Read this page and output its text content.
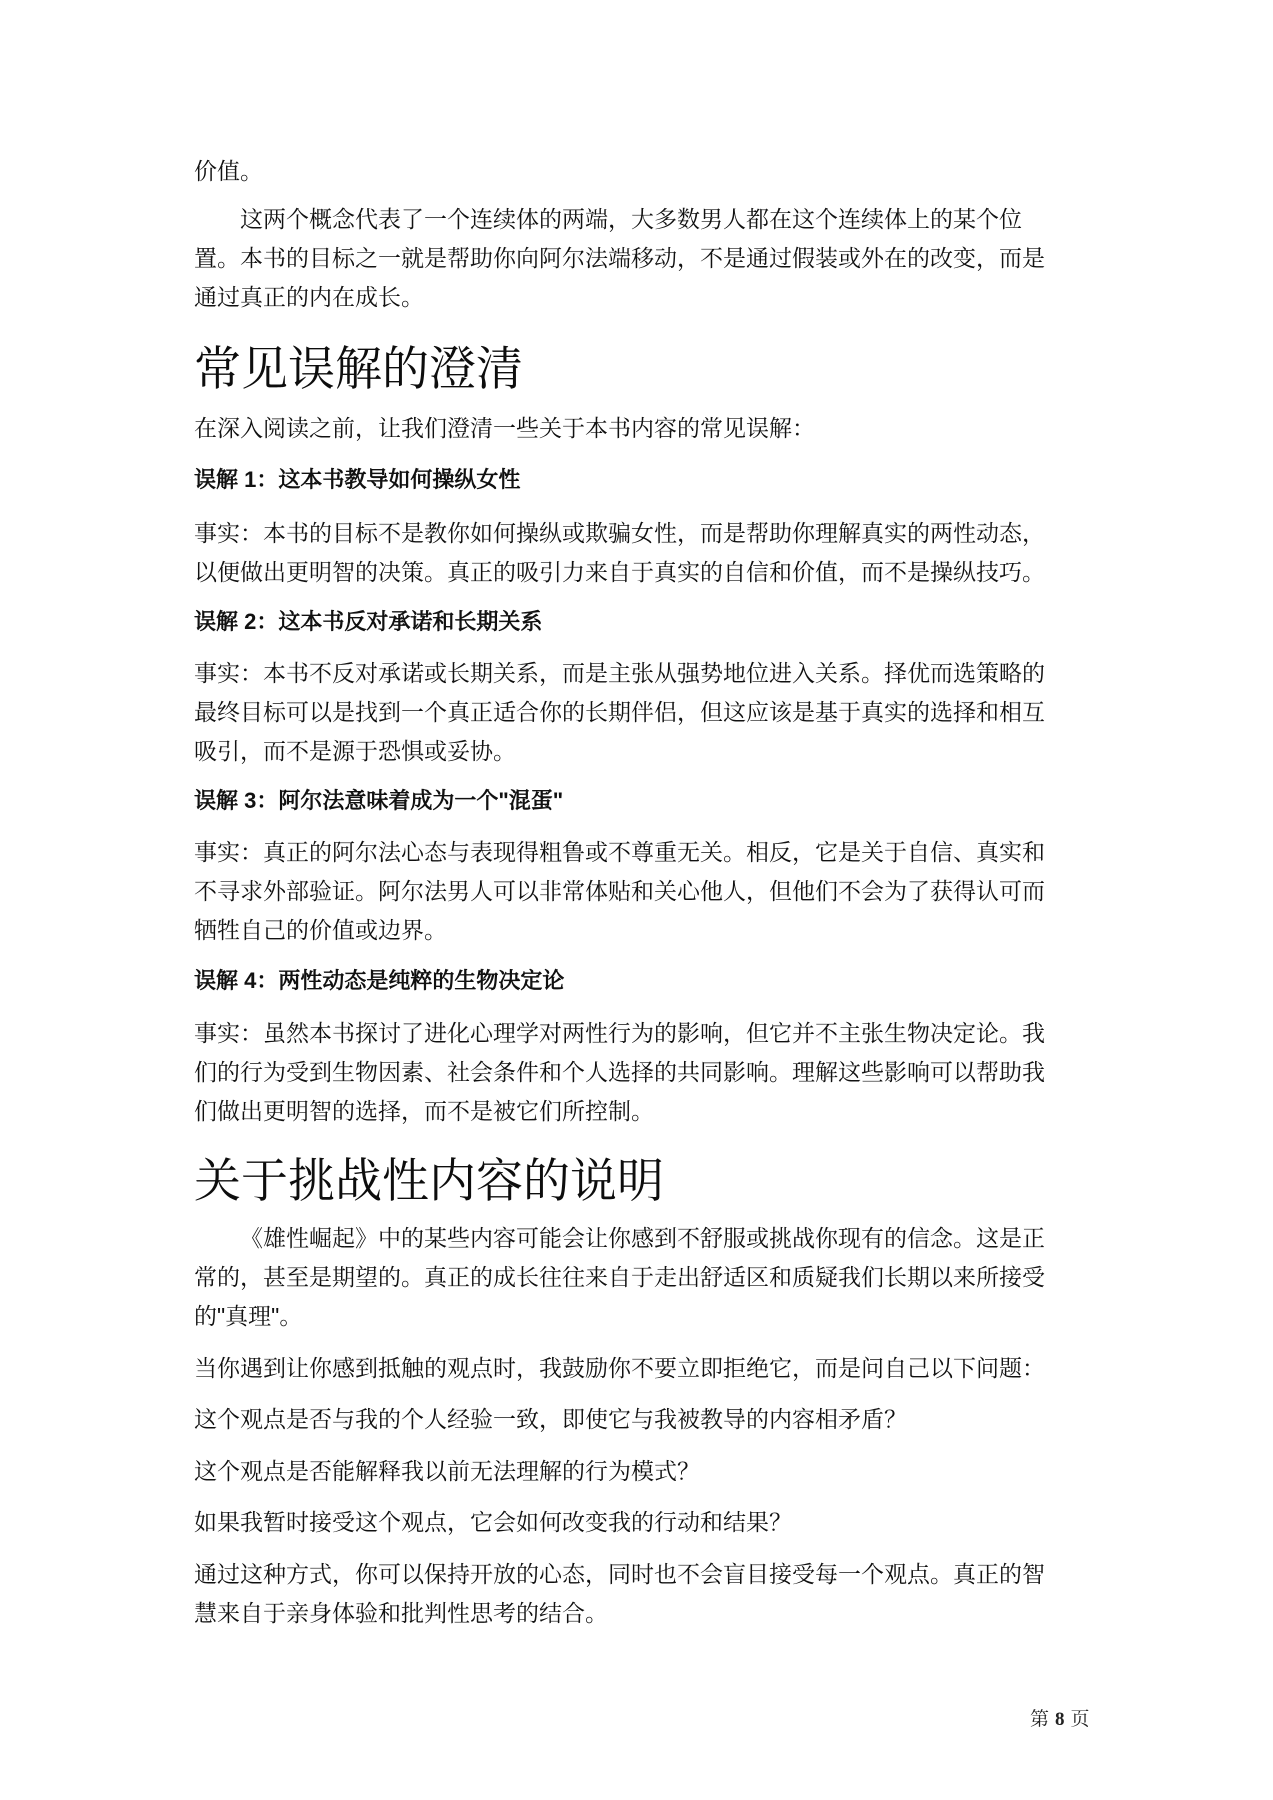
价值。
这两个概念代表了一个连续体的两端，大多数男人都在这个连续体上的某个位
置。本书的目标之一就是帮助你向阿尔法端移动，不是通过假装或外在的改变，而是
通过真正的内在成长。
常见误解的澄清
在深入阅读之前，让我们澄清一些关于本书内容的常见误解：
误解 1：这本书教导如何操纵女性
事实：本书的目标不是教你如何操纵或欺骗女性，而是帮助你理解真实的两性动态，
以便做出更明智的决策。真正的吸引力来自于真实的自信和价值，而不是操纵技巧。
误解 2：这本书反对承诺和长期关系
事实：本书不反对承诺或长期关系，而是主张从强势地位进入关系。择优而选策略的
最终目标可以是找到一个真正适合你的长期伴侣，但这应该是基于真实的选择和相互
吸引，而不是源于恐惧或妥协。
误解 3：阿尔法意味着成为一个"混蛋"
事实：真正的阿尔法心态与表现得粗鲁或不尊重无关。相反，它是关于自信、真实和
不寻求外部验证。阿尔法男人可以非常体贴和关心他人，但他们不会为了获得认可而
牺牲自己的价值或边界。
误解 4：两性动态是纯粹的生物决定论
事实：虽然本书探讨了进化心理学对两性行为的影响，但它并不主张生物决定论。我
们的行为受到生物因素、社会条件和个人选择的共同影响。理解这些影响可以帮助我
们做出更明智的选择，而不是被它们所控制。
关于挑战性内容的说明
《雄性崛起》中的某些内容可能会让你感到不舒服或挑战你现有的信念。这是正
常的，甚至是期望的。真正的成长往往来自于走出舒适区和质疑我们长期以来所接受
的"真理"。
当你遇到让你感到抵触的观点时，我鼓励你不要立即拒绝它，而是问自己以下问题：
这个观点是否与我的个人经验一致，即使它与我被教导的内容相矛盾？
这个观点是否能解释我以前无法理解的行为模式？
如果我暂时接受这个观点，它会如何改变我的行动和结果？
通过这种方式，你可以保持开放的心态，同时也不会盲目接受每一个观点。真正的智
慧来自于亲身体验和批判性思考的结合。
第 8 页
